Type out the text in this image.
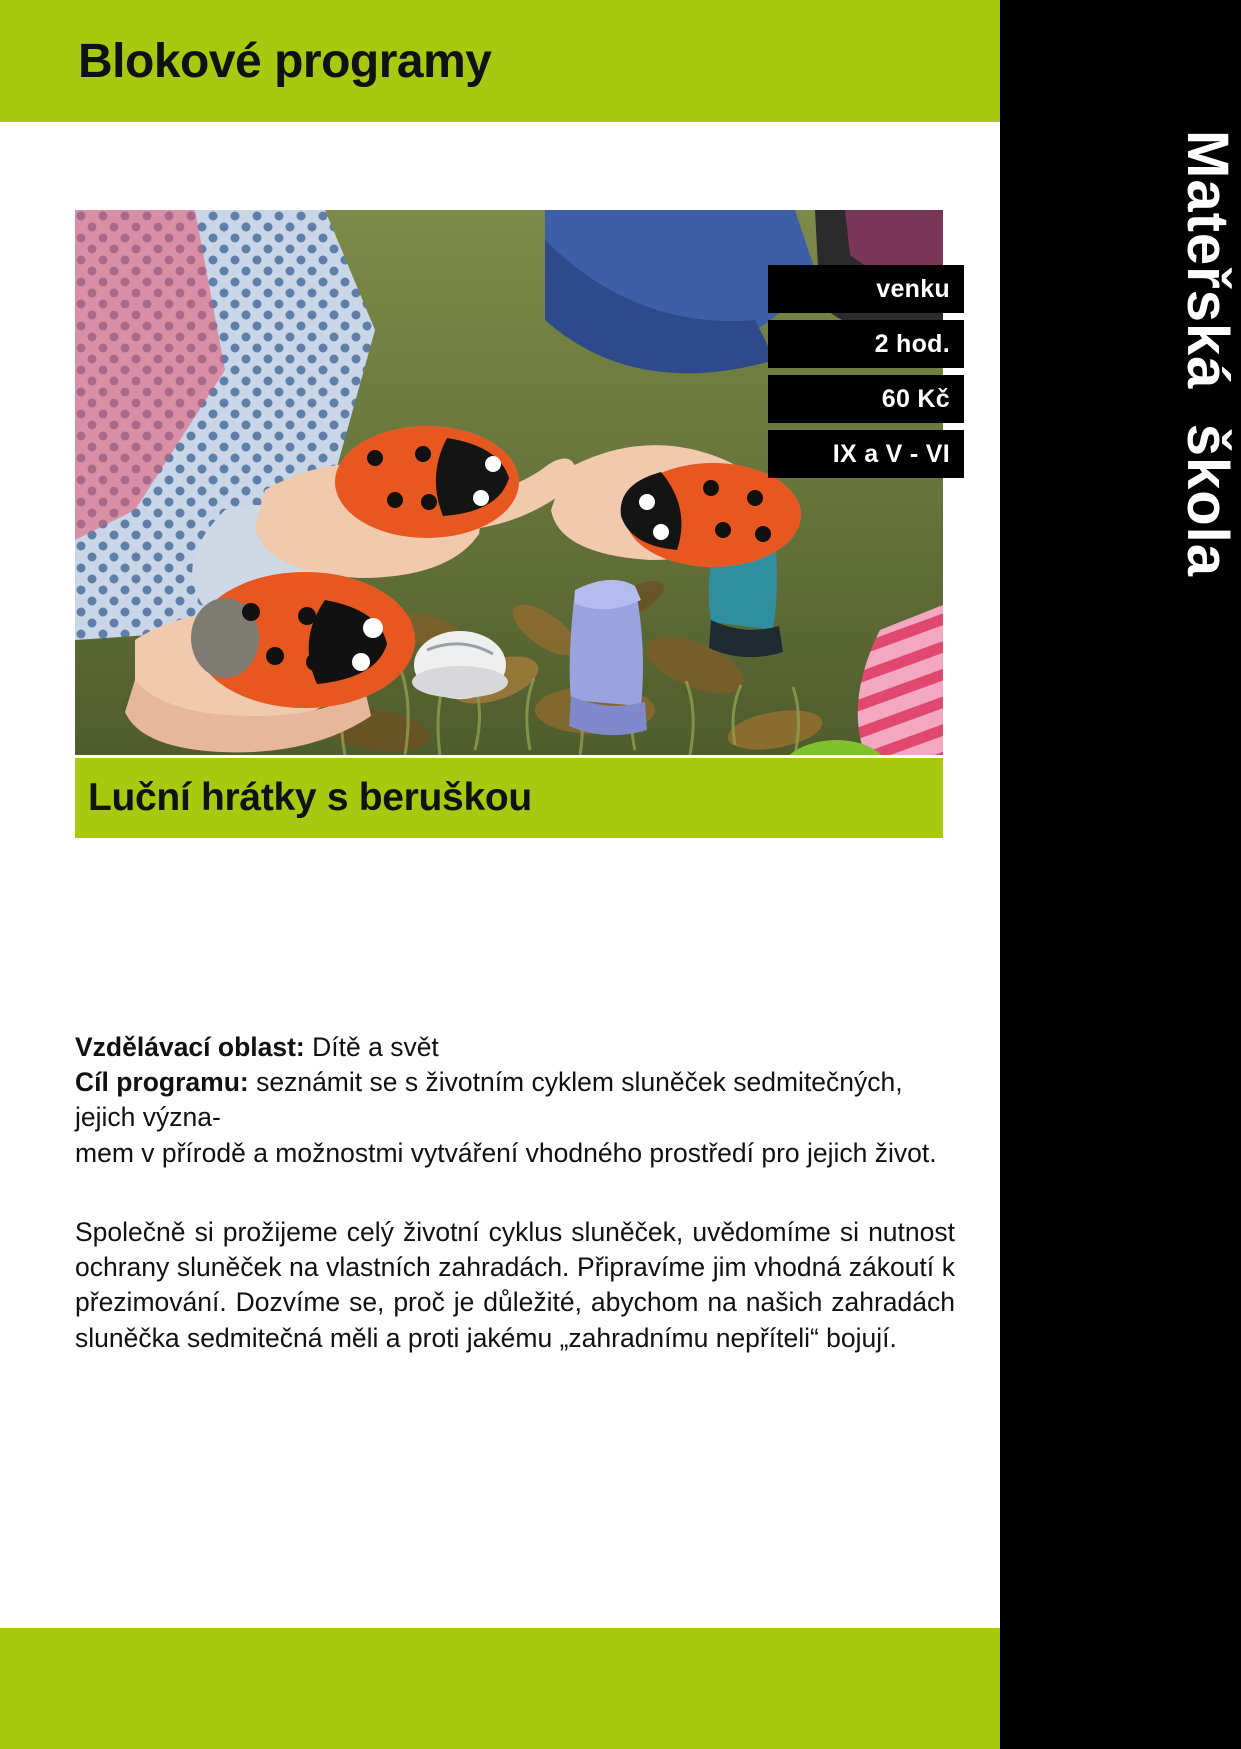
Blokové programy
Mateřská  škola
venku
2 hod.
60 Kč
IX a V - VI
Luční hrátky s beruškou

Vzdělávací oblast: Dítě a svět

Cíl programu: seznámit se s životním cyklem sluněček sedmitečných, jejich význa-

mem v přírodě a možnostmi vytváření vhodného prostředí pro jejich život.

Společně si prožijeme celý životní cyklus sluněček, uvědomíme si nutnost ochrany sluněček na vlastních zahradách. Připravíme jim vhodná zákoutí k přezimování. Dozvíme se, proč je důležité, abychom na našich zahradách sluněčka sedmitečná měli a proti jakému „zahradnímu nepříteli“ bojují.
